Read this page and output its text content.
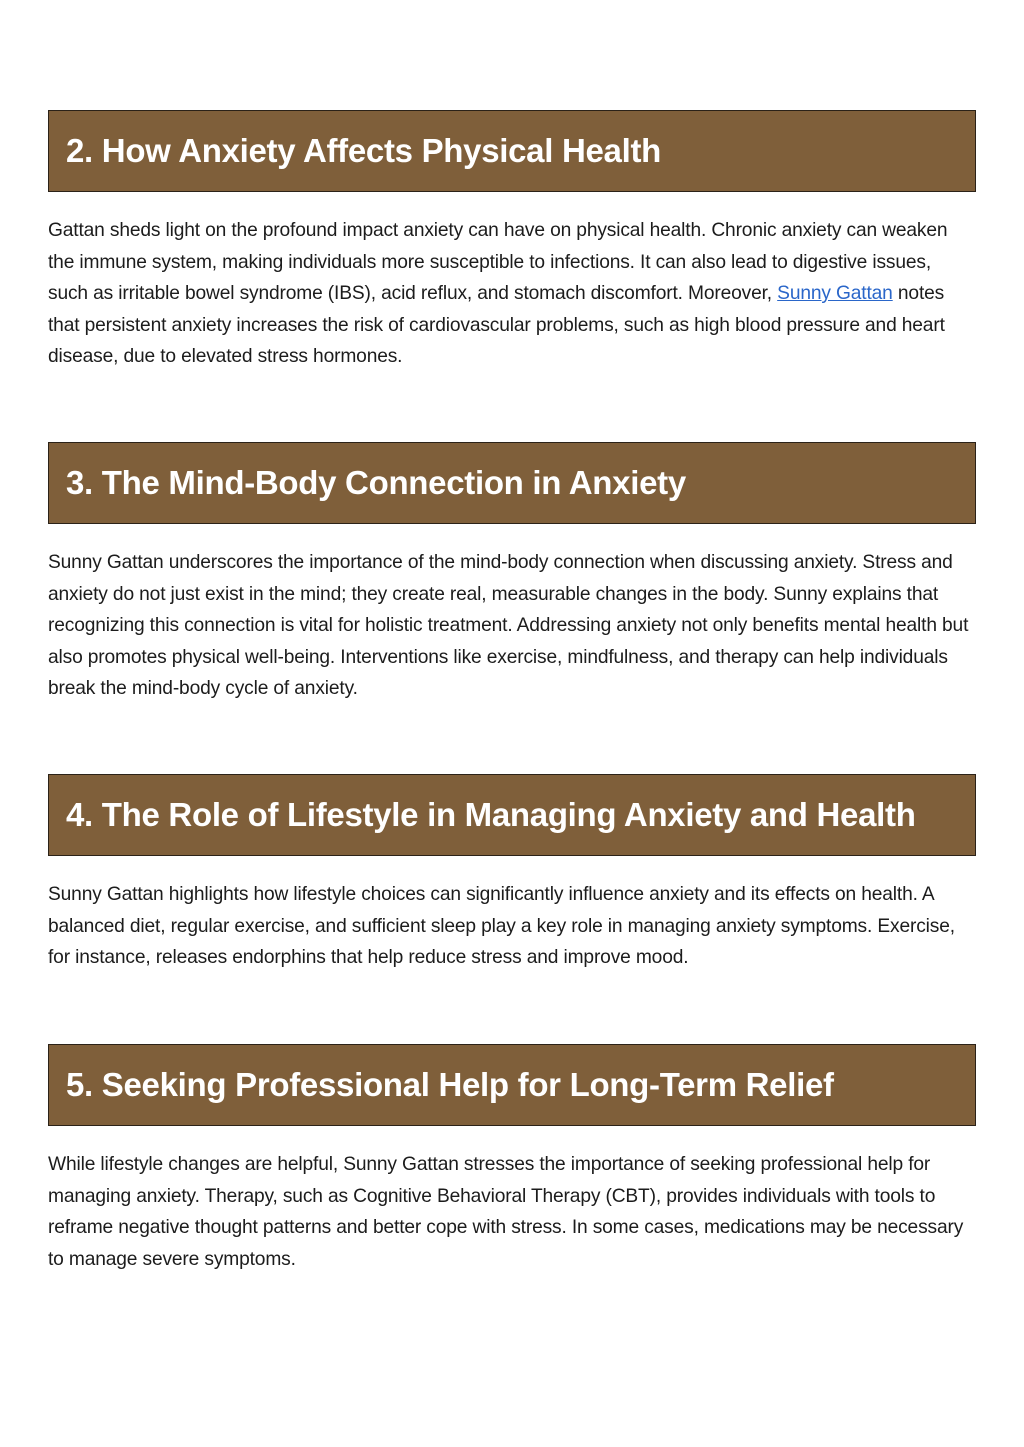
2. How Anxiety Affects Physical Health

Gattan sheds light on the profound impact anxiety can have on physical health. Chronic anxiety can weaken the immune system, making individuals more susceptible to infections. It can also lead to digestive issues, such as irritable bowel syndrome (IBS), acid reflux, and stomach discomfort. Moreover, Sunny Gattan notes that persistent anxiety increases the risk of cardiovascular problems, such as high blood pressure and heart disease, due to elevated stress hormones.

3. The Mind-Body Connection in Anxiety

Sunny Gattan underscores the importance of the mind-body connection when discussing anxiety. Stress and anxiety do not just exist in the mind; they create real, measurable changes in the body. Sunny explains that recognizing this connection is vital for holistic treatment. Addressing anxiety not only benefits mental health but also promotes physical well-being. Interventions like exercise, mindfulness, and therapy can help individuals break the mind-body cycle of anxiety.

4. The Role of Lifestyle in Managing Anxiety and Health

Sunny Gattan highlights how lifestyle choices can significantly influence anxiety and its effects on health. A balanced diet, regular exercise, and sufficient sleep play a key role in managing anxiety symptoms. Exercise, for instance, releases endorphins that help reduce stress and improve mood.

5. Seeking Professional Help for Long-Term Relief

While lifestyle changes are helpful, Sunny Gattan stresses the importance of seeking professional help for managing anxiety. Therapy, such as Cognitive Behavioral Therapy (CBT), provides individuals with tools to reframe negative thought patterns and better cope with stress. In some cases, medications may be necessary to manage severe symptoms.
